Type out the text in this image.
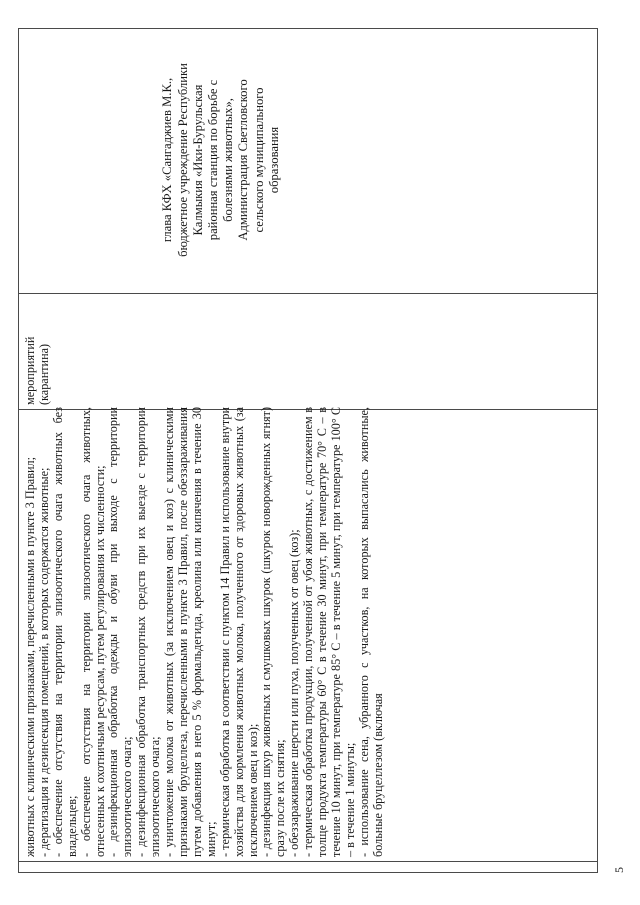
животных с клиническими признаками, перечисленными в пункте 3 Правил; - дератизация и дезинсекция помещений, в которых содержатся животные; - обеспечение отсутствия на территории эпизоотического очага животных без владельцев; - обеспечение отсутствия на территории эпизоотического очага животных, отнесенных к охотничьим ресурсам, путем регулирования их численности; - дезинфекционная обработка одежды и обуви при выходе с территории эпизоотического очага; - дезинфекционная обработка транспортных средств при их выезде с территории эпизоотического очага; - уничтожение молока от животных (за исключением овец и коз) с клиническими признаками бруцеллеза, перечисленными в пункте 3 Правил, после обеззараживания путем добавления в него 5 % формальдегида, креолина или кипячения в течение 30 минут; - термическая обработка в соответствии с пунктом 14 Правил и использование внутри хозяйства для кормления животных молока, полученного от здоровых животных (за исключением овец и коз); - дезинфекция шкур животных и смушковых шкурок (шкурок новорожденных ягнят) сразу после их снятия; - обеззараживание шерсти или пуха, полученных от овец (коз); - термическая обработка продукции, полученной от убоя животных, с достижением в толще продукта температуры 60° С в течение 30 минут, при температуре 70° С – в течение 10 минут, при температуре 85° С – в течение 5 минут, при температуре 100° С – в течение 1 минуты; - использование сена, убранного с участков, на которых выпасались животные, больные бруцеллезом (включая
мероприятий (карантина)
глава КФХ «Сангаджиев М.К., бюджетное учреждение Республики Калмыкия «Ики-Бурульская районная станция по борьбе с болезнями животных», Администрация Светловского сельского муниципального образования
5
